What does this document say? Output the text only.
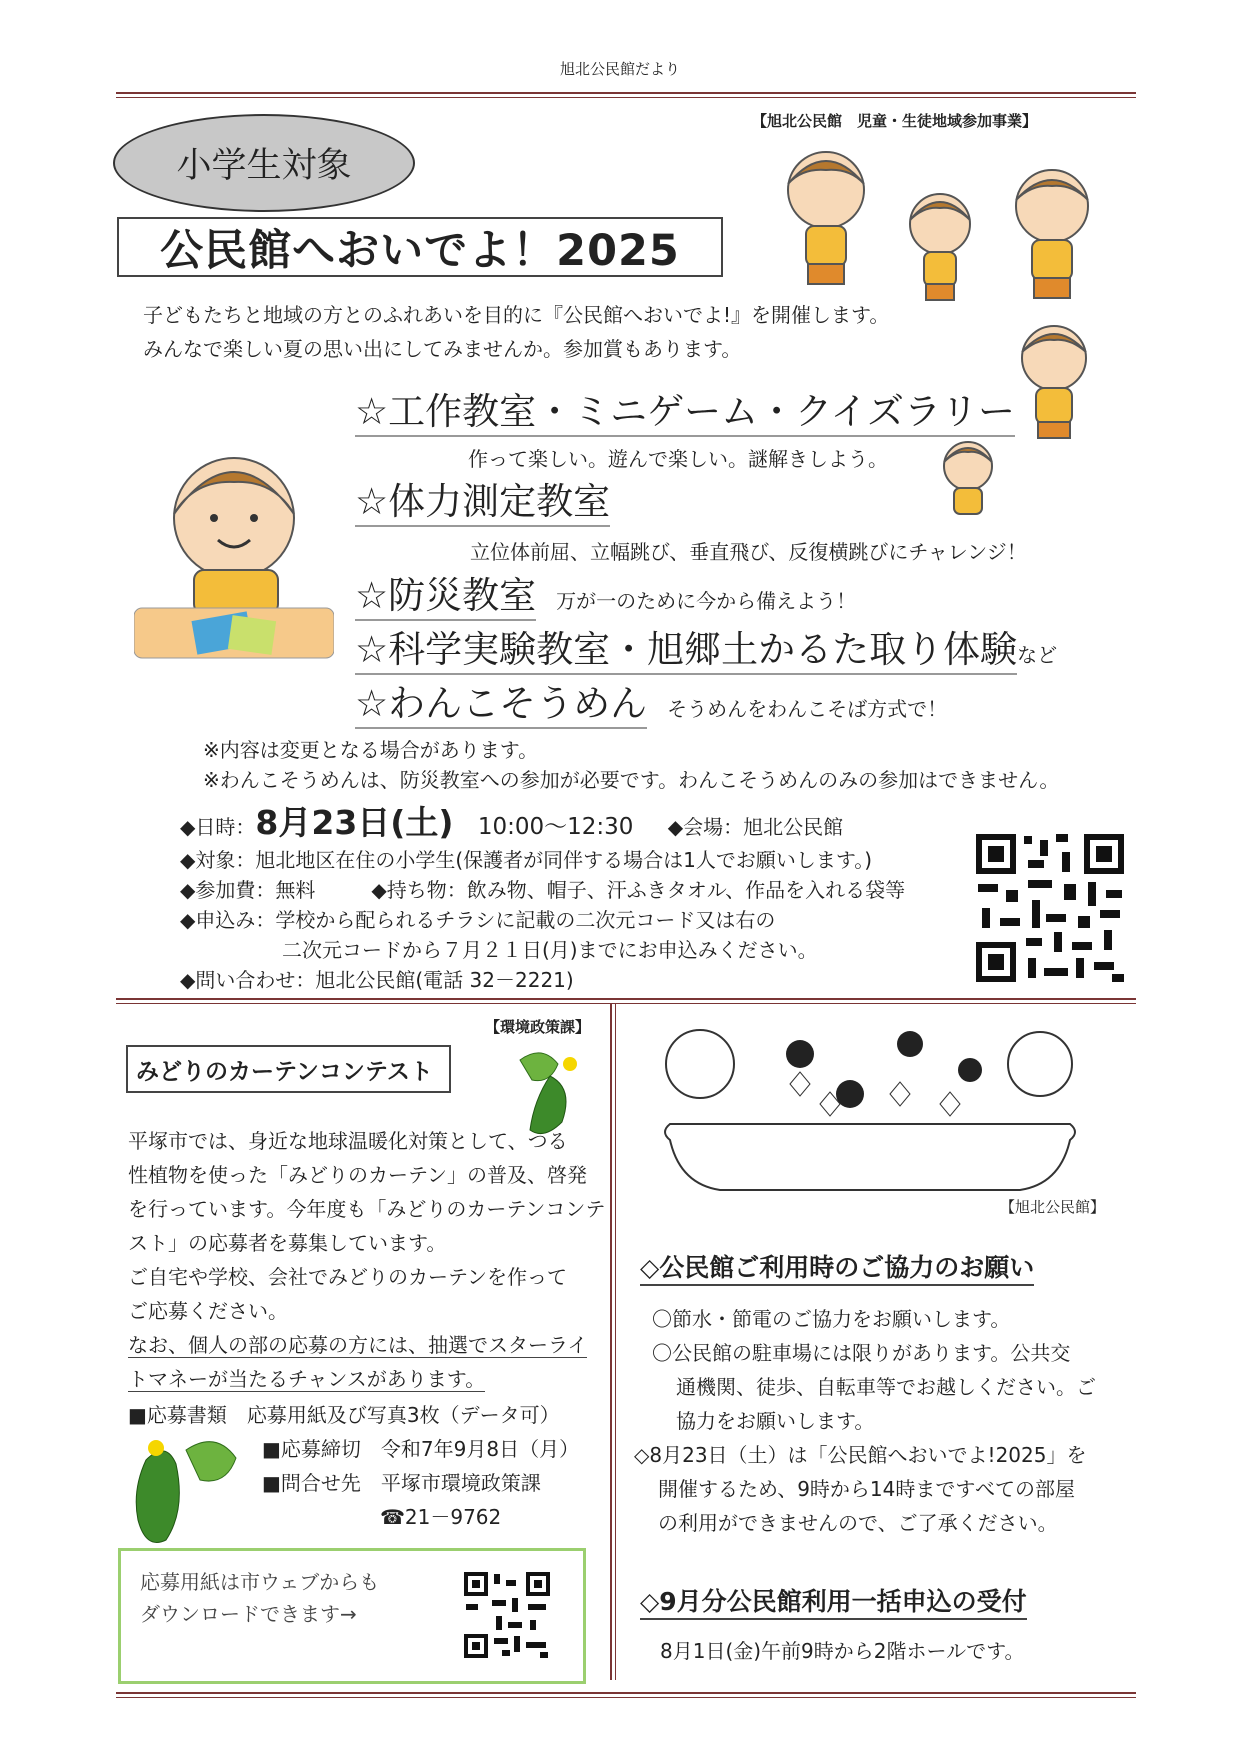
旭北公民館だより
【旭北公民館　児童・生徒地域参加事業】
小学生対象
公民館へおいでよ！2025
子どもたちと地域の方とのふれあいを目的に『公民館へおいでよ!』を開催します。
みんなで楽しい夏の思い出にしてみませんか。参加賞もあります。
☆工作教室・ミニゲーム・クイズラリー
作って楽しい。遊んで楽しい。謎解きしよう。
☆体力測定教室
立位体前屈、立幅跳び、垂直飛び、反復横跳びにチャレンジ！
☆防災教室 万が一のために今から備えよう！
☆科学実験教室・旭郷土かるた取り体験など
☆わんこそうめん そうめんをわんこそば方式で！
※内容は変更となる場合があります。
※わんこそうめんは、防災教室への参加が必要です。わんこそうめんのみの参加はできません。
◆日時：8月23日(土) 10:00～12:30 ◆会場：旭北公民館
◆対象：旭北地区在住の小学生(保護者が同伴する場合は1人でお願いします。)
◆参加費：無料	◆持ち物：飲み物、帽子、汗ふきタオル、作品を入れる袋等
◆申込み：学校から配られるチラシに記載の二次元コード又は右の
二次元コードから７月２１日(月)までにお申込みください。
◆問い合わせ：旭北公民館(電話 32－2221)
【環境政策課】
みどりのカーテンコンテスト
平塚市では、身近な地球温暖化対策として、つる
性植物を使った「みどりのカーテン」の普及、啓発
を行っています。今年度も「みどりのカーテンコンテ
スト」の応募者を募集しています。
ご自宅や学校、会社でみどりのカーテンを作って
ご応募ください。
なお、個人の部の応募の方には、抽選でスターライ
トマネーが当たるチャンスがあります。
■応募書類　応募用紙及び写真3枚（データ可）
■応募締切　令和7年9月8日（月）
■問合せ先　平塚市環境政策課
☎21－9762
応募用紙は市ウェブからも
ダウンロードできます→
【旭北公民館】
◇公民館ご利用時のご協力のお願い
〇節水・節電のご協力をお願いします。
〇公民館の駐車場には限りがあります。公共交
通機関、徒歩、自転車等でお越しください。ご
協力をお願いします。
◇8月23日（土）は「公民館へおいでよ!2025」を
開催するため、9時から14時まですべての部屋
の利用ができませんので、ご了承ください。
◇9月分公民館利用一括申込の受付
8月1日(金)午前9時から2階ホールです。
